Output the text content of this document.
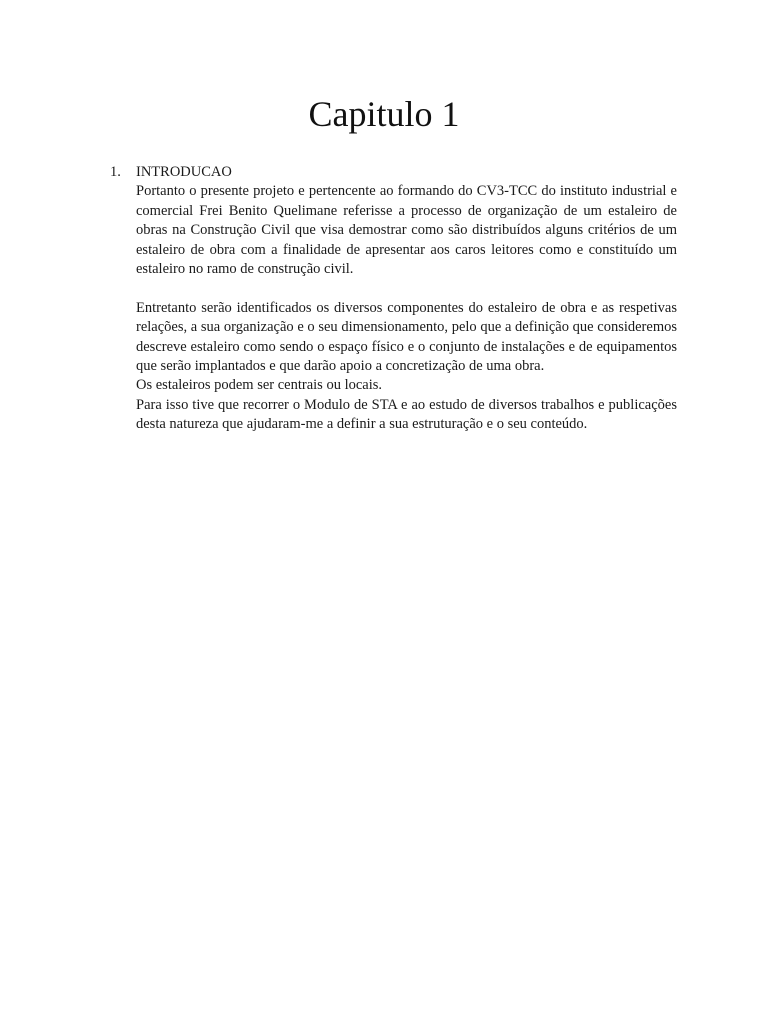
Capitulo 1
1.	INTRODUCAO

Portanto o presente projeto e pertencente ao formando do CV3-TCC do instituto industrial e comercial Frei Benito Quelimane referisse a processo de organização de um estaleiro de obras na Construção Civil que visa demostrar como são distribuídos alguns critérios de um estaleiro de obra com a finalidade de apresentar aos caros leitores como e constituído um estaleiro no ramo de construção civil.

Entretanto serão identificados os diversos componentes do estaleiro de obra e as respetivas relações, a sua organização e o seu dimensionamento, pelo que a definição que consideremos descreve estaleiro como sendo o espaço físico e o conjunto de instalações e de equipamentos que serão implantados e que darão apoio a concretização de uma obra.

Os estaleiros podem ser centrais ou locais.

Para isso tive que recorrer o Modulo de STA e ao estudo de diversos trabalhos e publicações desta natureza que ajudaram-me a definir a sua estruturação e o seu conteúdo.
